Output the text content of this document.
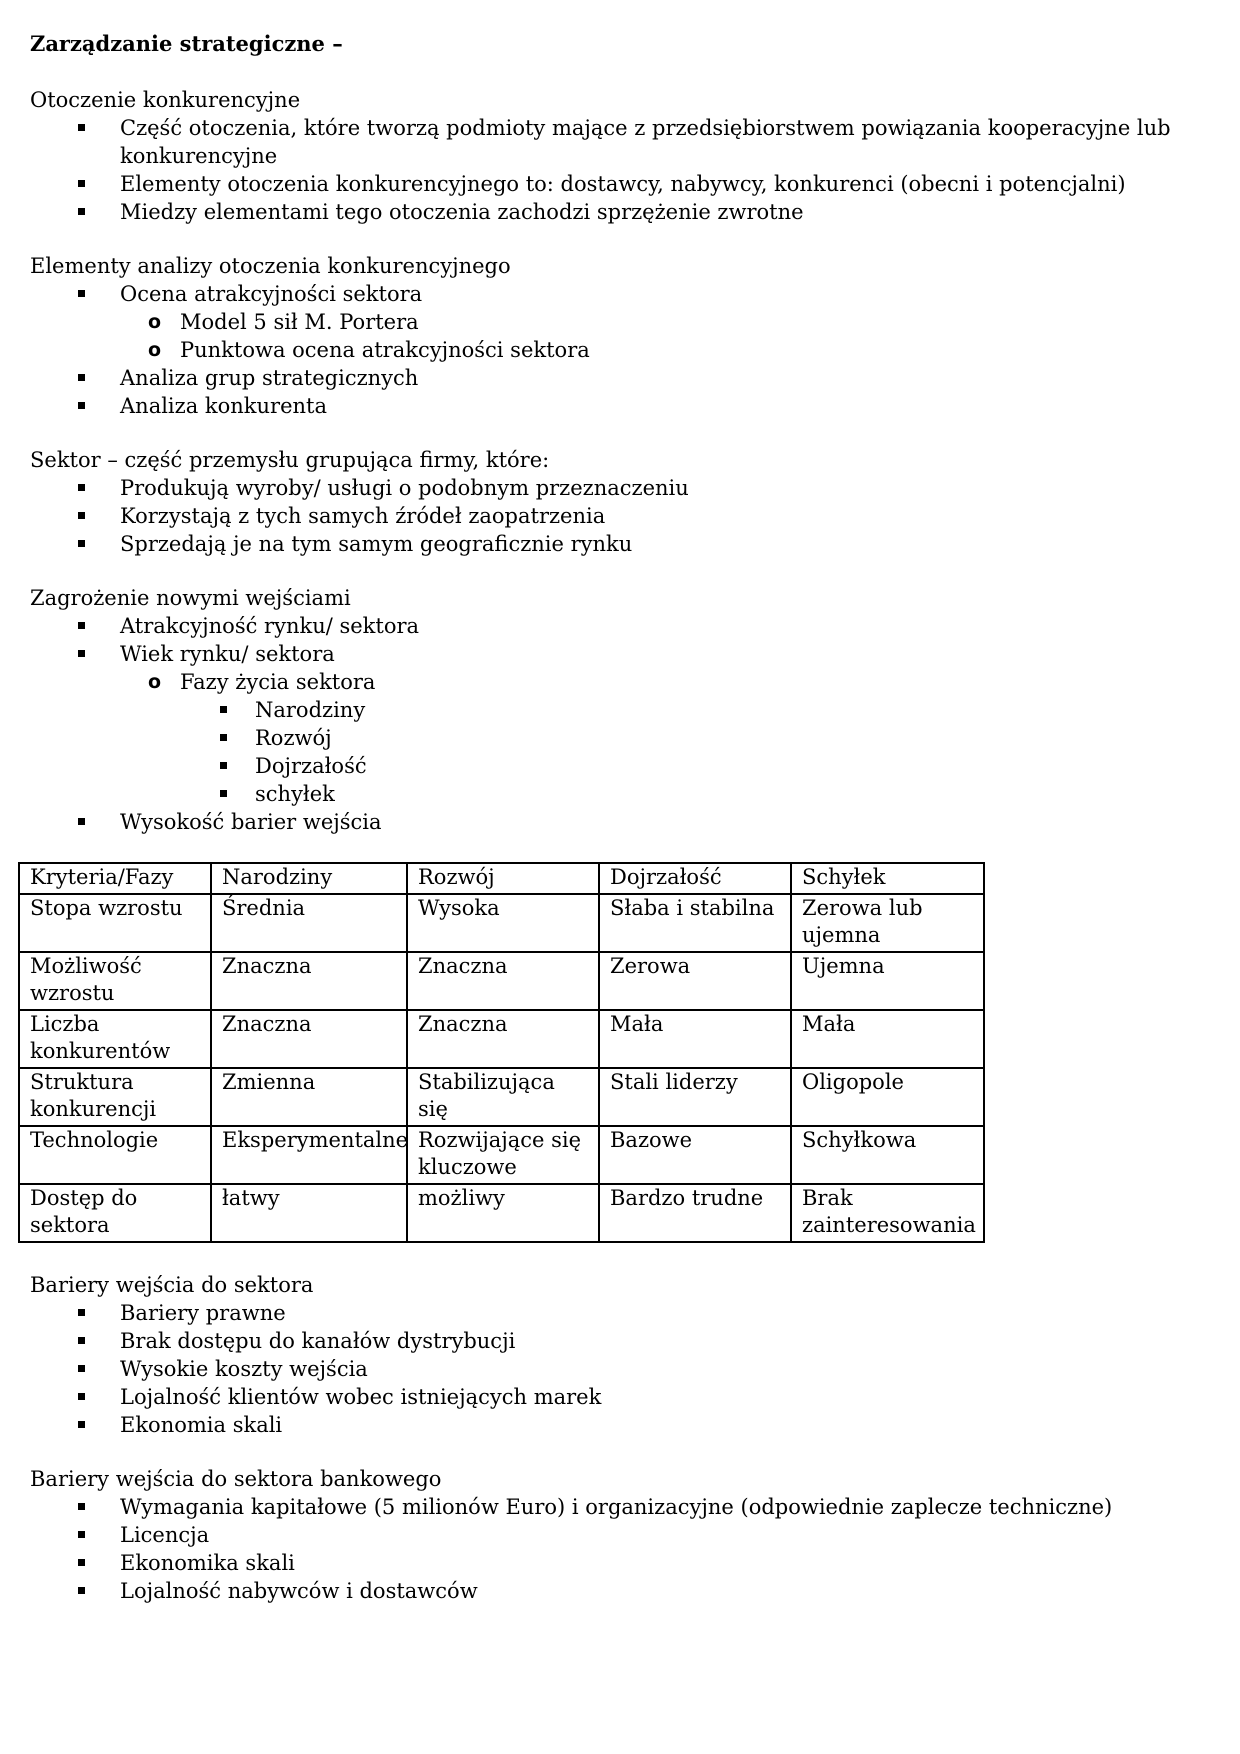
Zarządzanie strategiczne –

Otoczenie konkurencyjne

Część otoczenia, które tworzą podmioty mające z przedsiębiorstwem powiązania kooperacyjne lub konkurencyjne
Elementy otoczenia konkurencyjnego to: dostawcy, nabywcy, konkurenci (obecni i potencjalni)
Miedzy elementami tego otoczenia zachodzi sprzężenie zwrotne

Elementy analizy otoczenia konkurencyjnego

Ocena atrakcyjności sektora
o Model 5 sił M. Portera
o Punktowa ocena atrakcyjności sektora
Analiza grup strategicznych
Analiza konkurenta

Sektor – część przemysłu grupująca firmy, które:

Produkują wyroby/ usługi o podobnym przeznaczeniu
Korzystają z tych samych źródeł zaopatrzenia
Sprzedają je na tym samym geograficznie rynku

Zagrożenie nowymi wejściami

Atrakcyjność rynku/ sektora
Wiek rynku/ sektora
o Fazy życia sektora
Narodziny
Rozwój
Dojrzałość
schyłek
Wysokość barier wejścia
Kryteria/Fazy	Narodziny	Rozwój	Dojrzałość	Schyłek
Stopa wzrostu	Średnia	Wysoka	Słaba i stabilna	Zerowa lub ujemna
Możliwość wzrostu	Znaczna	Znaczna	Zerowa	Ujemna
Liczba konkurentów	Znaczna	Znaczna	Mała	Mała
Struktura konkurencji	Zmienna	Stabilizująca się	Stali liderzy	Oligopole
Technologie	Eksperymentalne	Rozwijające się kluczowe	Bazowe	Schyłkowa
Dostęp do sektora	łatwy	możliwy	Bardzo trudne	Brak zainteresowania

Bariery wejścia do sektora

Bariery prawne
Brak dostępu do kanałów dystrybucji
Wysokie koszty wejścia
Lojalność klientów wobec istniejących marek
Ekonomia skali

Bariery wejścia do sektora bankowego

Wymagania kapitałowe (5 milionów Euro) i organizacyjne (odpowiednie zaplecze techniczne)
Licencja
Ekonomika skali
Lojalność nabywców i dostawców
